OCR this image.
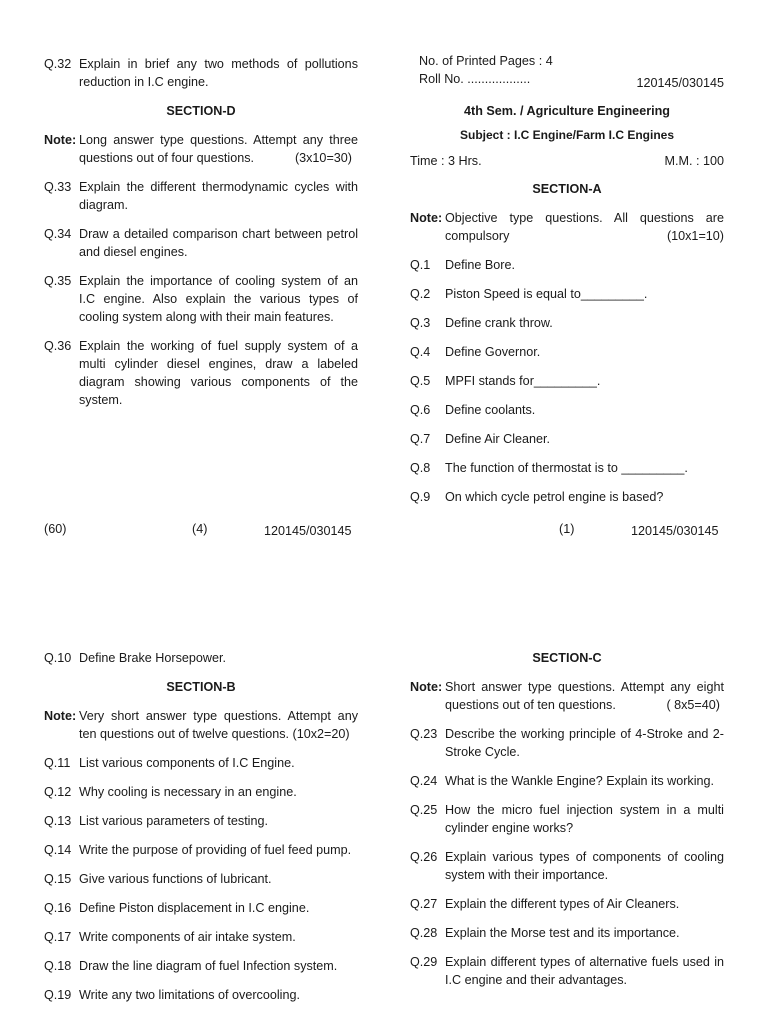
Q.32 Explain in brief any two methods of pollutions reduction in I.C engine.
SECTION-D
Note: Long answer type questions. Attempt any three questions out of four questions.	(3x10=30)
Q.33 Explain the different thermodynamic cycles with diagram.
Q.34 Draw a detailed comparison chart between petrol and diesel engines.
Q.35 Explain the importance of cooling system of an I.C engine. Also explain the various types of cooling system along with their main features.
Q.36 Explain the working of fuel supply system of a multi cylinder diesel engines, draw a labeled diagram showing various components of the system.
(60)	(4)	120145/030145
No. of Printed Pages : 4
Roll No. ..................	120145/030145
4th Sem. / Agriculture Engineering
Subject : I.C Engine/Farm I.C Engines
Time : 3 Hrs.	M.M. : 100
SECTION-A
Note: Objective type questions. All questions are compulsory	(10x1=10)
Q.1	Define Bore.
Q.2	Piston Speed is equal to_________.
Q.3	Define crank throw.
Q.4	Define Governor.
Q.5	MPFI stands for_________.
Q.6	Define coolants.
Q.7	Define Air Cleaner.
Q.8	The function of thermostat is to _________.
Q.9	On which cycle petrol engine is based?
(1)	120145/030145
Q.10 Define Brake Horsepower.
SECTION-B
Note: Very short answer type questions. Attempt any ten questions out of twelve questions. (10x2=20)
Q.11 List various components of I.C Engine.
Q.12 Why cooling is necessary in an engine.
Q.13 List various parameters of testing.
Q.14 Write the purpose of providing of fuel feed pump.
Q.15 Give various functions of lubricant.
Q.16 Define Piston displacement in I.C engine.
Q.17 Write components of air intake system.
Q.18 Draw the line diagram of fuel Infection system.
Q.19 Write any two limitations of overcooling.
SECTION-C
Note: Short answer type questions. Attempt any eight questions out of ten questions.	( 8x5=40)
Q.23 Describe the working principle of 4-Stroke and 2-Stroke Cycle.
Q.24 What is the Wankle Engine? Explain its working.
Q.25 How the micro fuel injection system in a multi cylinder engine works?
Q.26 Explain various types of components of cooling system with their importance.
Q.27 Explain the different types of Air Cleaners.
Q.28 Explain the Morse test and its importance.
Q.29 Explain different types of alternative fuels used in I.C engine and their advantages.
